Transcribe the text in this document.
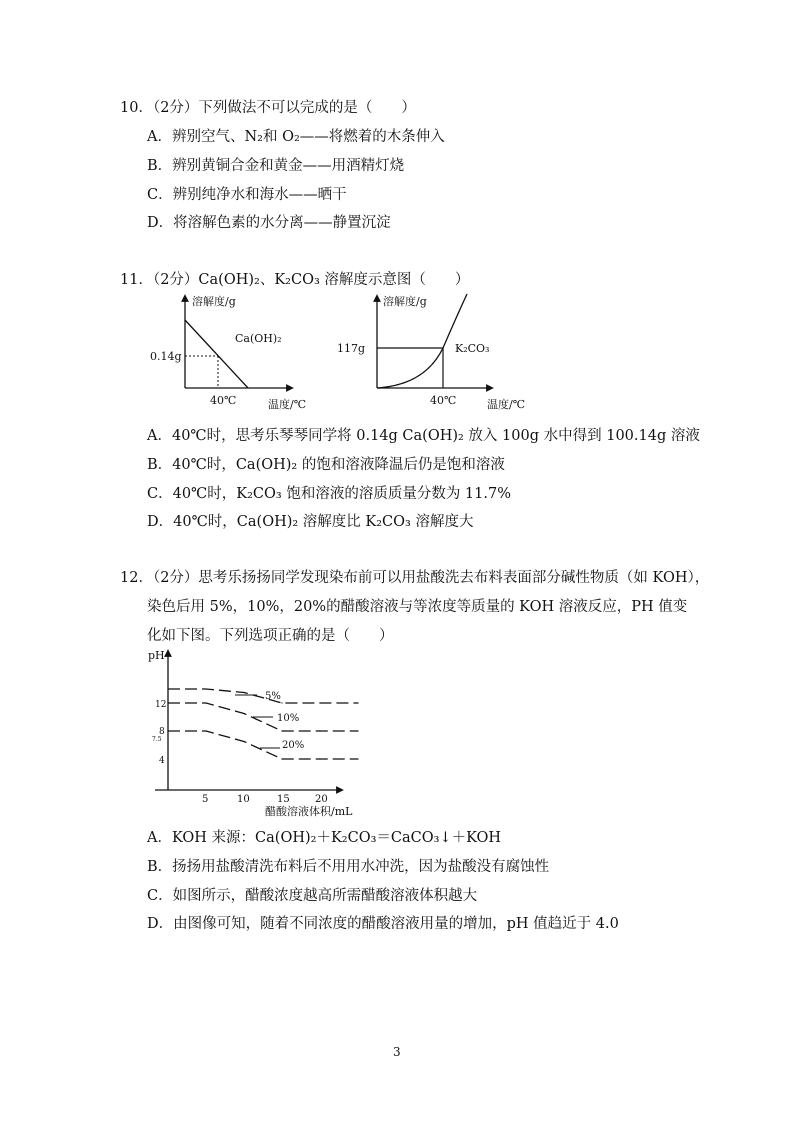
10．（2分）下列做法不可以完成的是（　　）
A．辨别空气、N₂和 O₂——将燃着的木条伸入
B．辨别黄铜合金和黄金——用酒精灯烧
C．辨别纯净水和海水——晒干
D．将溶解色素的水分离——静置沉淀
11．（2分）Ca(OH)₂、K₂CO₃ 溶解度示意图（　　）
溶解度/g
Ca(OH)₂
0.14g
40℃	温度/℃
溶解度/g
117g	K₂CO₃
40℃	温度/℃
A．40℃时，思考乐琴琴同学将 0.14g Ca(OH)₂ 放入 100g 水中得到 100.14g 溶液
B．40℃时，Ca(OH)₂ 的饱和溶液降温后仍是饱和溶液
C．40℃时，K₂CO₃ 饱和溶液的溶质质量分数为 11.7%
D．40℃时，Ca(OH)₂ 溶解度比 K₂CO₃ 溶解度大
12．（2分）思考乐扬扬同学发现染布前可以用盐酸洗去布料表面部分碱性物质（如 KOH），
染色后用 5%，10%，20%的醋酸溶液与等浓度等质量的 KOH 溶液反应，PH 值变
化如下图。下列选项正确的是（　　）
pH
醋酸溶液体积/mL
12
8
7.5
4
5	10	15	20
5%
10%
20%
A．KOH 来源：Ca(OH)₂＋K₂CO₃＝CaCO₃↓＋KOH
B．扬扬用盐酸清洗布料后不用用水冲洗，因为盐酸没有腐蚀性
C．如图所示，醋酸浓度越高所需醋酸溶液体积越大
D．由图像可知，随着不同浓度的醋酸溶液用量的增加，pH 值趋近于 4.0
3
